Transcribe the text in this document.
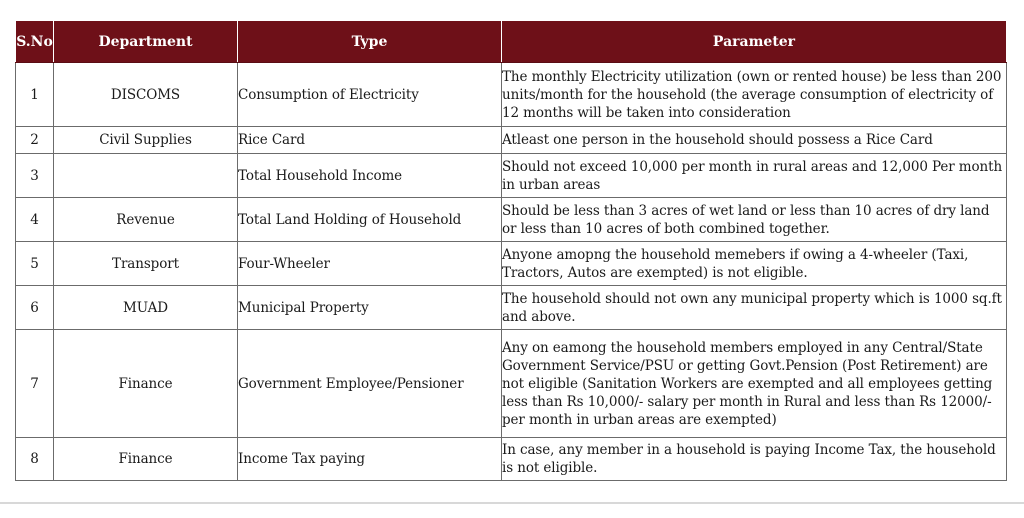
S.No	Department	Type	Parameter
1	DISCOMS	Consumption of Electricity	The monthly Electricity utilization (own or rented house) be less than 200 units/month for the household (the average consumption of electricity of 12 months will be taken into consideration
2	Civil Supplies	Rice Card	Atleast one person in the household should possess a Rice Card
3		Total Household Income	Should not exceed 10,000 per month in rural areas and 12,000 Per month in urban areas
4	Revenue	Total Land Holding of Household	Should be less than 3 acres of wet land or less than 10 acres of dry land or less than 10 acres of both combined together.
5	Transport	Four-Wheeler	Anyone amopng the household memebers if owing a 4-wheeler (Taxi, Tractors, Autos are exempted) is not eligible.
6	MUAD	Municipal Property	The household should not own any municipal property which is 1000 sq.ft and above.
7	Finance	Government Employee/Pensioner	Any on eamong the household members employed in any Central/State Government Service/PSU or getting Govt.Pension (Post Retirement) are not eligible (Sanitation Workers are exempted and all employees getting less than Rs 10,000/- salary per month in Rural and less than Rs 12000/- per month in urban areas are exempted)
8	Finance	Income Tax paying	In case, any member in a household is paying Income Tax, the household is not eligible.
